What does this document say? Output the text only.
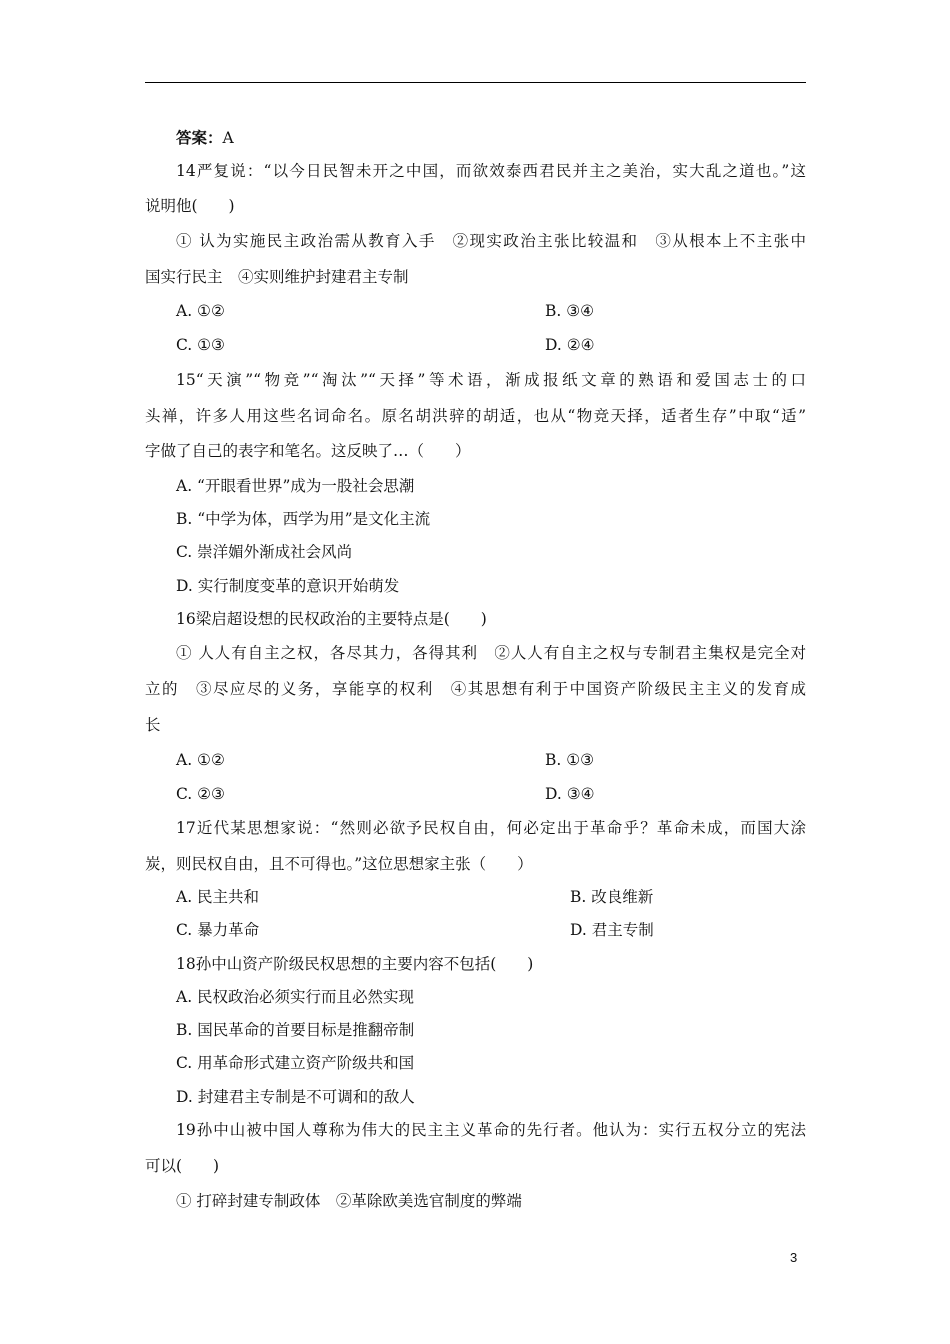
答案：A
14严复说：“以今日民智未开之中国，而欲效泰西君民并主之美治，实大乱之道也。”这
说明他(　　)
① 认为实施民主政治需从教育入手　②现实政治主张比较温和　③从根本上不主张中
国实行民主　④实则维护封建君主专制
A. ①②	B. ③④
C. ①③	D. ②④
15“天演”“物竞”“淘汰”“天择”等术语，渐成报纸文章的熟语和爱国志士的口
头禅，许多人用这些名词命名。原名胡洪骍的胡适，也从“物竞天择，适者生存”中取“适”
字做了自己的表字和笔名。这反映了…（　　）
A. “开眼看世界”成为一股社会思潮
B. “中学为体，西学为用”是文化主流
C. 崇洋媚外渐成社会风尚
D. 实行制度变革的意识开始萌发
16梁启超设想的民权政治的主要特点是(　　)
① 人人有自主之权，各尽其力，各得其利　②人人有自主之权与专制君主集权是完全对
立的　③尽应尽的义务，享能享的权利　④其思想有利于中国资产阶级民主主义的发育成
长
A. ①②	B. ①③
C. ②③	D. ③④
17近代某思想家说：“然则必欲予民权自由，何必定出于革命乎？革命未成，而国大涂
炭，则民权自由，且不可得也。”这位思想家主张（　　）
A. 民主共和	B. 改良维新
C. 暴力革命	D. 君主专制
18孙中山资产阶级民权思想的主要内容不包括(　　)
A. 民权政治必须实行而且必然实现
B. 国民革命的首要目标是推翻帝制
C. 用革命形式建立资产阶级共和国
D. 封建君主专制是不可调和的敌人
19孙中山被中国人尊称为伟大的民主主义革命的先行者。他认为：实行五权分立的宪法
可以(　　)
① 打碎封建专制政体　②革除欧美选官制度的弊端
3
